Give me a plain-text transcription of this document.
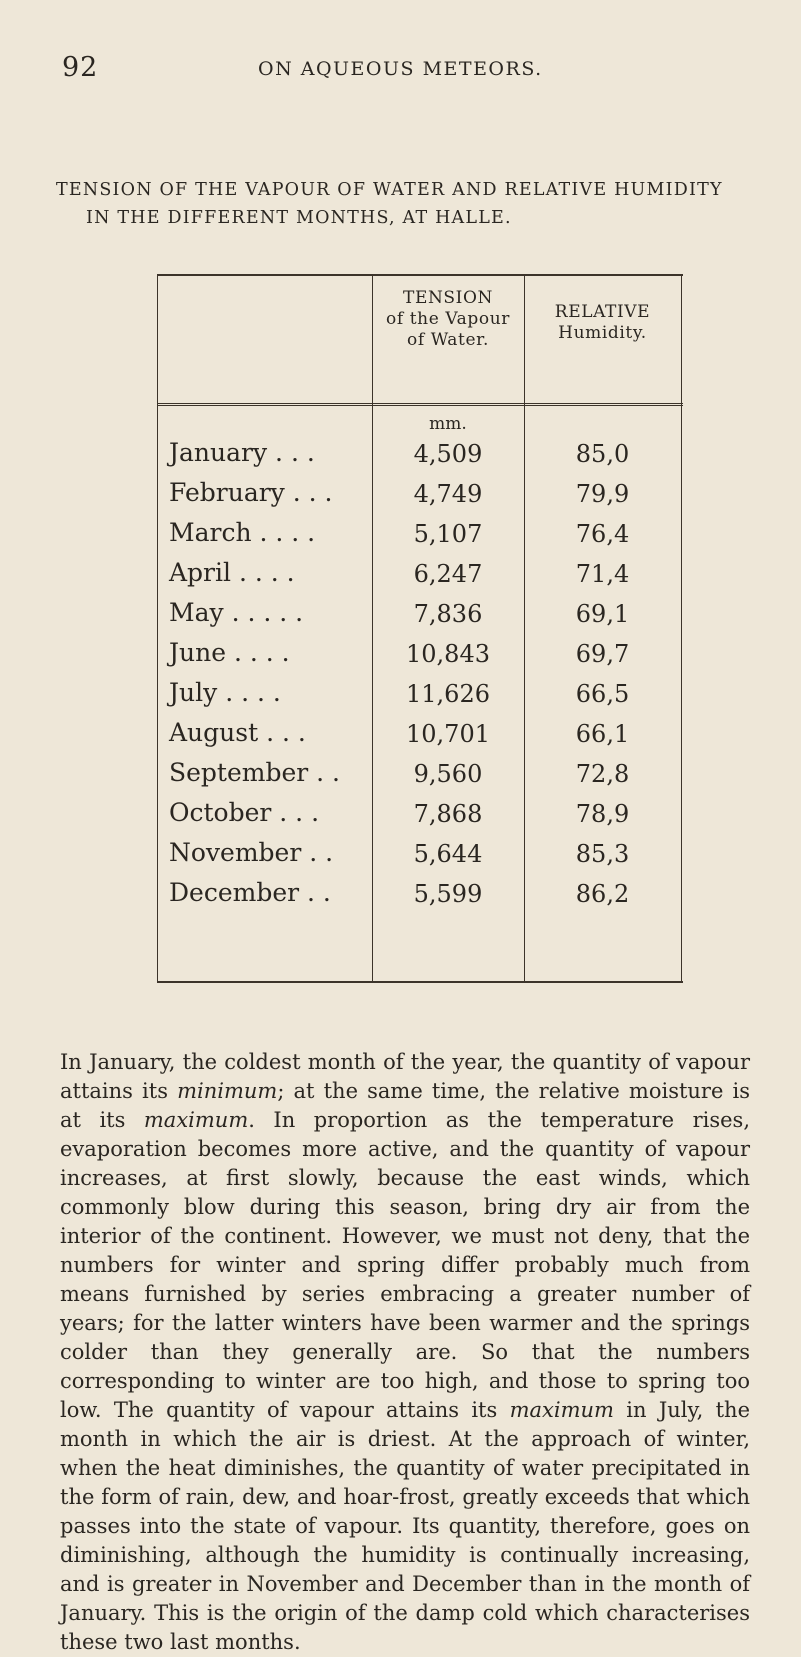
92	ON AQUEOUS METEORS.
TENSION OF THE VAPOUR OF WATER AND RELATIVE HUMIDITY
IN THE DIFFERENT MONTHS, AT HALLE.
TENSION
of the Vapour
of Water.
RELATIVE
Humidity.
mm.
January . . .	4,509	85,0
February . . .	4,749	79,9
March . . . .	5,107	76,4
April . . . .	6,247	71,4
May . . . . .	7,836	69,1
June . . . .	10,843	69,7
July . . . .	11,626	66,5
August . . .	10,701	66,1
September . .	9,560	72,8
October . . .	7,868	78,9
November . .	5,644	85,3
December . .	5,599	86,2

In January, the coldest month of the year, the quantity of vapour attains its minimum; at the same time, the relative moisture is at its maximum. In proportion as the temperature rises, evaporation becomes more active, and the quantity of vapour increases, at first slowly, because the east winds, which commonly blow during this season, bring dry air from the interior of the continent. However, we must not deny, that the numbers for winter and spring differ probably much from means furnished by series embracing a greater number of years; for the latter winters have been warmer and the springs colder than they generally are. So that the numbers corresponding to winter are too high, and those to spring too low. The quantity of vapour attains its maximum in July, the month in which the air is driest. At the approach of winter, when the heat diminishes, the quantity of water precipitated in the form of rain, dew, and hoar-frost, greatly exceeds that which passes into the state of vapour. Its quantity, therefore, goes on diminishing, although the humidity is continually increasing, and is greater in November and December than in the month of January. This is the origin of the damp cold which characterises these two last months.
